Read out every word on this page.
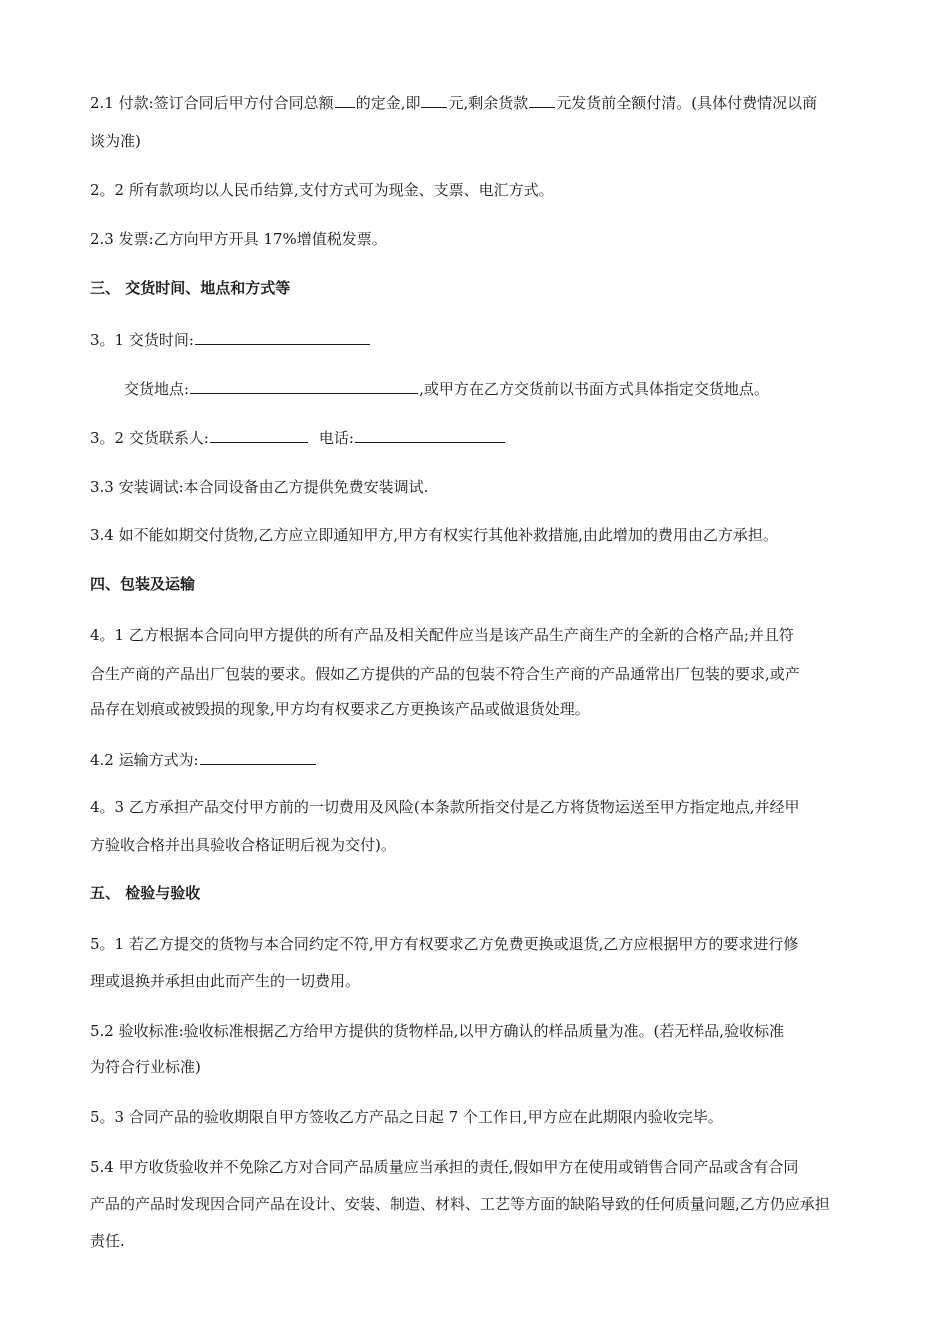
2.1 付款:签订合同后甲方付合同总额 的定金,即 元,剩余货款 元发货前全额付清。(具体付费情况以商
谈为准)
2。2 所有款项均以人民币结算,支付方式可为现金、支票、电汇方式。
2.3 发票:乙方向甲方开具 17%增值税发票。
三、 交货时间、地点和方式等
3。1 交货时间:
交货地点:	,或甲方在乙方交货前以书面方式具体指定交货地点。
3。2 交货联系人:	电话:
3.3 安装调试:本合同设备由乙方提供免费安装调试.
3.4 如不能如期交付货物,乙方应立即通知甲方,甲方有权实行其他补救措施,由此增加的费用由乙方承担。
四、包装及运输
4。1 乙方根据本合同向甲方提供的所有产品及相关配件应当是该产品生产商生产的全新的合格产品;并且符
合生产商的产品出厂包装的要求。假如乙方提供的产品的包装不符合生产商的产品通常出厂包装的要求,或产
品存在划痕或被毁损的现象,甲方均有权要求乙方更换该产品或做退货处理。
4.2 运输方式为:
4。3 乙方承担产品交付甲方前的一切费用及风险(本条款所指交付是乙方将货物运送至甲方指定地点,并经甲
方验收合格并出具验收合格证明后视为交付)。
五、 检验与验收
5。1 若乙方提交的货物与本合同约定不符,甲方有权要求乙方免费更换或退货,乙方应根据甲方的要求进行修
理或退换并承担由此而产生的一切费用。
5.2 验收标准:验收标准根据乙方给甲方提供的货物样品,以甲方确认的样品质量为准。(若无样品,验收标准
为符合行业标准)
5。3 合同产品的验收期限自甲方签收乙方产品之日起 7 个工作日,甲方应在此期限内验收完毕。
5.4 甲方收货验收并不免除乙方对合同产品质量应当承担的责任,假如甲方在使用或销售合同产品或含有合同
产品的产品时发现因合同产品在设计、安装、制造、材料、工艺等方面的缺陷导致的任何质量问题,乙方仍应承担
责任.
